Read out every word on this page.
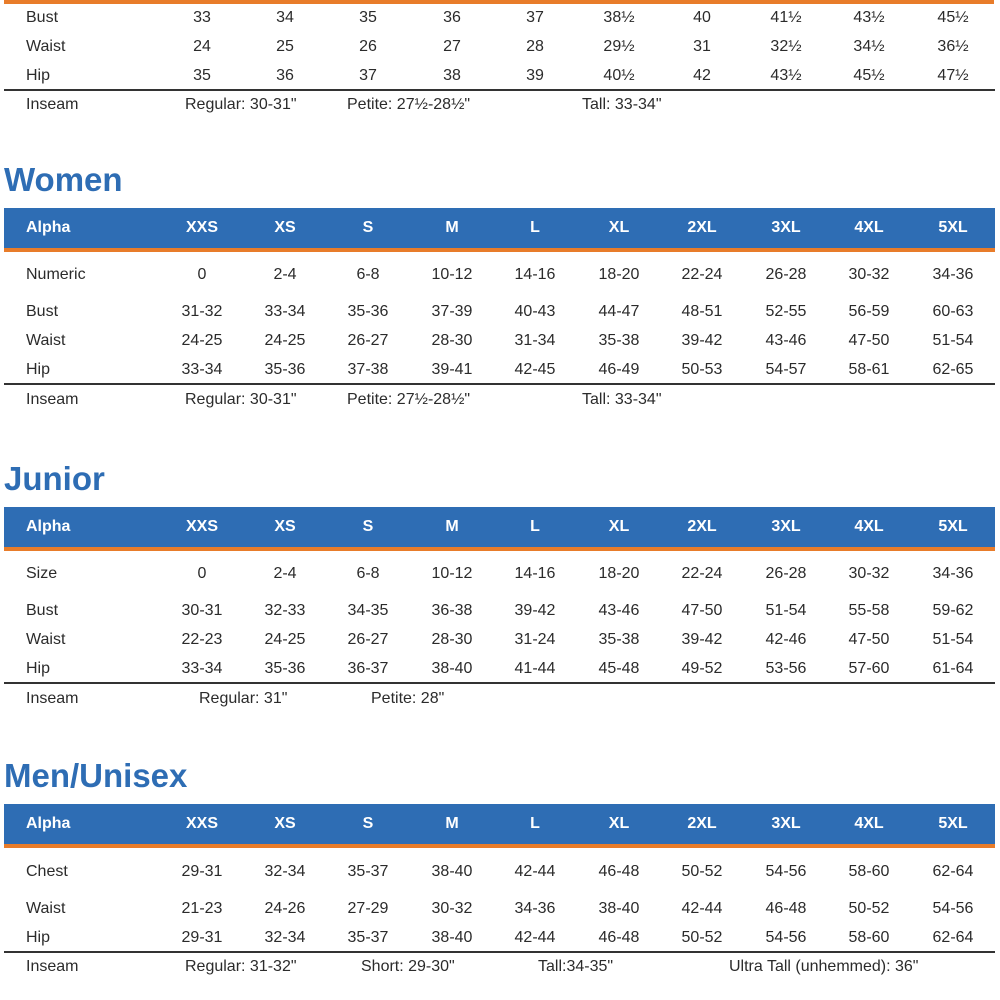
Bust	33	34	35	36	37	38½	40	41½	43½	45½
Waist	24	25	26	27	28	29½	31	32½	34½	36½
Hip	35	36	37	38	39	40½	42	43½	45½	47½
Inseam	Regular: 30-31"	Petite: 27½-28½"	Tall: 33-34"
Women
Alpha	XXS	XS	S	M	L	XL	2XL	3XL	4XL	5XL
Numeric	0	2-4	6-8	10-12	14-16	18-20	22-24	26-28	30-32	34-36
Bust	31-32	33-34	35-36	37-39	40-43	44-47	48-51	52-55	56-59	60-63
Waist	24-25	24-25	26-27	28-30	31-34	35-38	39-42	43-46	47-50	51-54
Hip	33-34	35-36	37-38	39-41	42-45	46-49	50-53	54-57	58-61	62-65
Inseam	Regular: 30-31"	Petite: 27½-28½"	Tall: 33-34"
Junior
Alpha	XXS	XS	S	M	L	XL	2XL	3XL	4XL	5XL
Size	0	2-4	6-8	10-12	14-16	18-20	22-24	26-28	30-32	34-36
Bust	30-31	32-33	34-35	36-38	39-42	43-46	47-50	51-54	55-58	59-62
Waist	22-23	24-25	26-27	28-30	31-24	35-38	39-42	42-46	47-50	51-54
Hip	33-34	35-36	36-37	38-40	41-44	45-48	49-52	53-56	57-60	61-64
Inseam	Regular: 31"	Petite: 28"
Men/Unisex
Alpha	XXS	XS	S	M	L	XL	2XL	3XL	4XL	5XL
Chest	29-31	32-34	35-37	38-40	42-44	46-48	50-52	54-56	58-60	62-64
Waist	21-23	24-26	27-29	30-32	34-36	38-40	42-44	46-48	50-52	54-56
Hip	29-31	32-34	35-37	38-40	42-44	46-48	50-52	54-56	58-60	62-64
Inseam	Regular: 31-32"	Short: 29-30"	Tall:34-35"	Ultra Tall (unhemmed): 36"
